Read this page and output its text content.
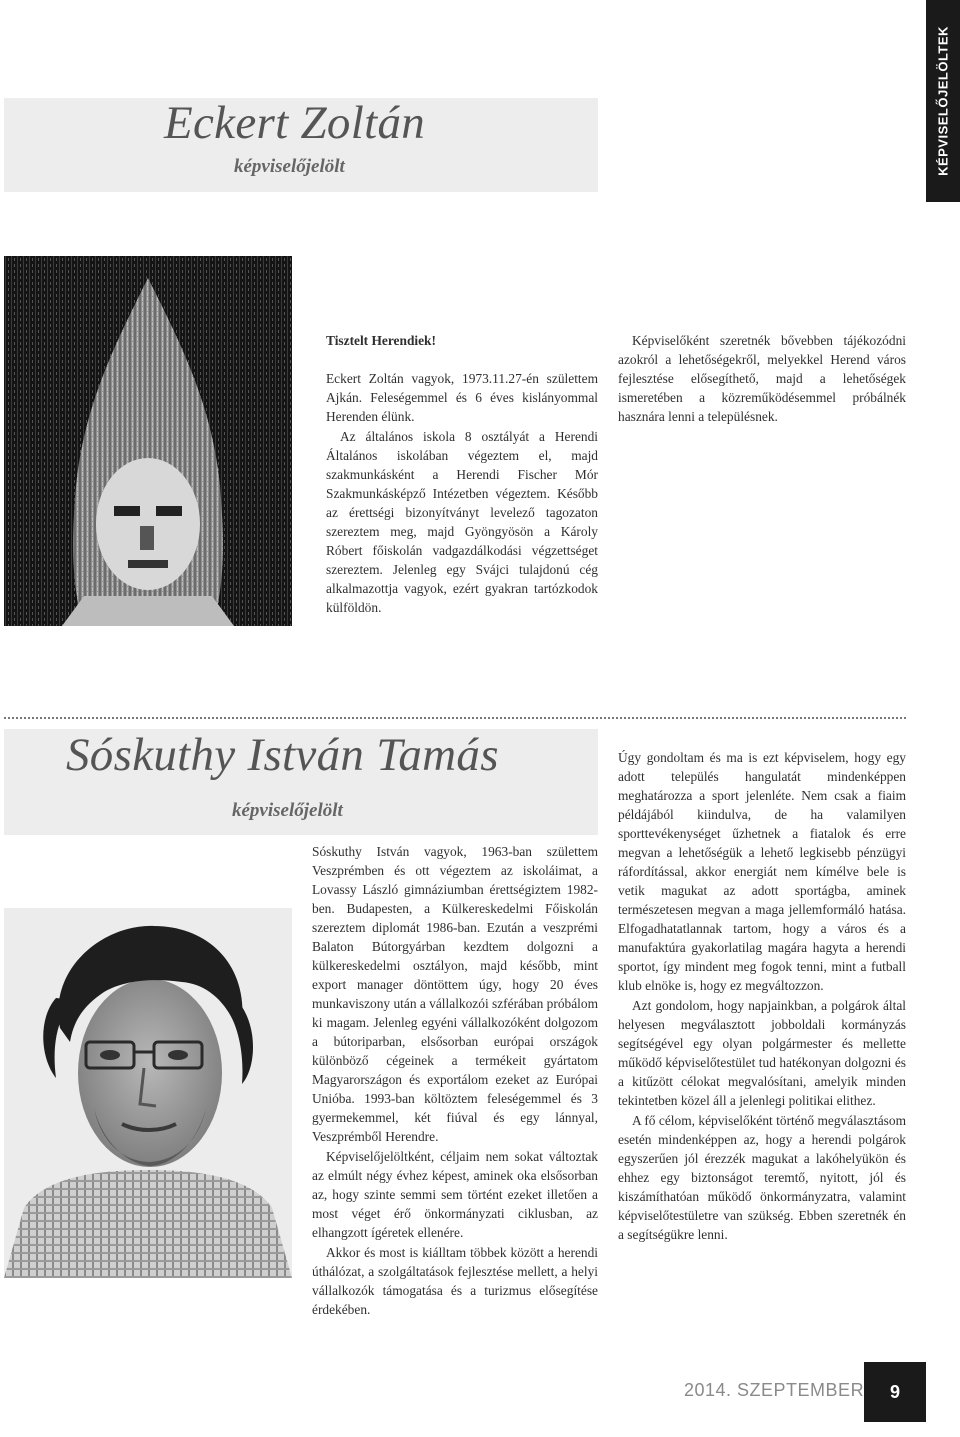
KÉPVISELŐJELÖLTEK
Eckert Zoltán
képviselőjelölt

Tisztelt Herendiek!

Eckert Zoltán vagyok, 1973.11.27-én születtem Ajkán. Feleségemmel és 6 éves kislányommal Herenden élünk.

Az általános iskola 8 osztályát a Herendi Általános iskolában végeztem el, majd szakmunkásként a Herendi Fischer Mór Szakmunkásképző Intézetben végeztem. Később az érettségi bizonyítványt levelező tagozaton szereztem meg, majd Gyöngyösön a Károly Róbert főiskolán vadgazdálkodási végzettséget szereztem. Jelenleg egy Svájci tulajdonú cég alkalmazottja vagyok, ezért gyakran tartózkodok külföldön.

Képviselőként szeretnék bővebben tájékozódni azokról a lehetőségekről, melyekkel Herend város fejlesztése elősegíthető, majd a lehetőségek ismeretében a közreműködésemmel próbálnék hasznára lenni a településnek.

Sóskuthy István Tamás
képviselőjelölt

Sóskuthy István vagyok, 1963-ban születtem Veszprémben és ott végeztem az iskoláimat, a Lovassy László gimnáziumban érettségiztem 1982-ben. Budapesten, a Külkereskedelmi Főiskolán szereztem diplomát 1986-ban. Ezután a veszprémi Balaton Bútorgyárban kezdtem dolgozni a külkereskedelmi osztályon, majd később, mint export manager döntöttem úgy, hogy 20 éves munkaviszony után a vállalkozói szférában próbálom ki magam. Jelenleg egyéni vállalkozóként dolgozom a bútoriparban, elsősorban európai országok különböző cégeinek a termékeit gyártatom Magyarországon és exportálom ezeket az Európai Unióba. 1993-ban költöztem feleségemmel és 3 gyermekemmel, két fiúval és egy lánnyal, Veszprémből Herendre.

Képviselőjelöltként, céljaim nem sokat változtak az elmúlt négy évhez képest, aminek oka elsősorban az, hogy szinte semmi sem történt ezeket illetően a most véget érő önkormányzati ciklusban, az elhangzott ígéretek ellenére.

Akkor és most is kiálltam többek között a herendi úthálózat, a szolgáltatások fejlesztése mellett, a helyi vállalkozók támogatása és a turizmus elősegítése érdekében.

Úgy gondoltam és ma is ezt képviselem, hogy egy adott település hangulatát mindenképpen meghatározza a sport jelenléte. Nem csak a fiaim példájából kiindulva, de ha valamilyen sporttevékenységet űzhetnek a fiatalok és erre megvan a lehetőségük a lehető legkisebb pénzügyi ráfordítással, akkor energiát nem kímélve bele is vetik magukat az adott sportágba, aminek természetesen megvan a maga jellemformáló hatása. Elfogadhatatlannak tartom, hogy a város és a manufaktúra gyakorlatilag magára hagyta a herendi sportot, így mindent meg fogok tenni, mint a futball klub elnöke is, hogy ez megváltozzon.

Azt gondolom, hogy napjainkban, a polgárok által helyesen megválasztott jobboldali kormányzás segítségével egy olyan polgármester és mellette működő képviselőtestület tud hatékonyan dolgozni és a kitűzött célokat megvalósítani, amelyik minden tekintetben közel áll a jelenlegi politikai elithez.

A fő célom, képviselőként történő megválasztásom esetén mindenképpen az, hogy a herendi polgárok egyszerűen jól érezzék magukat a lakóhelyükön és ehhez egy biztonságot teremtő, nyitott, jól és kiszámíthatóan működő önkormányzatra, valamint képviselőtestületre van szükség. Ebben szeretnék én a segítségükre lenni.

2014. SZEPTEMBER 9
